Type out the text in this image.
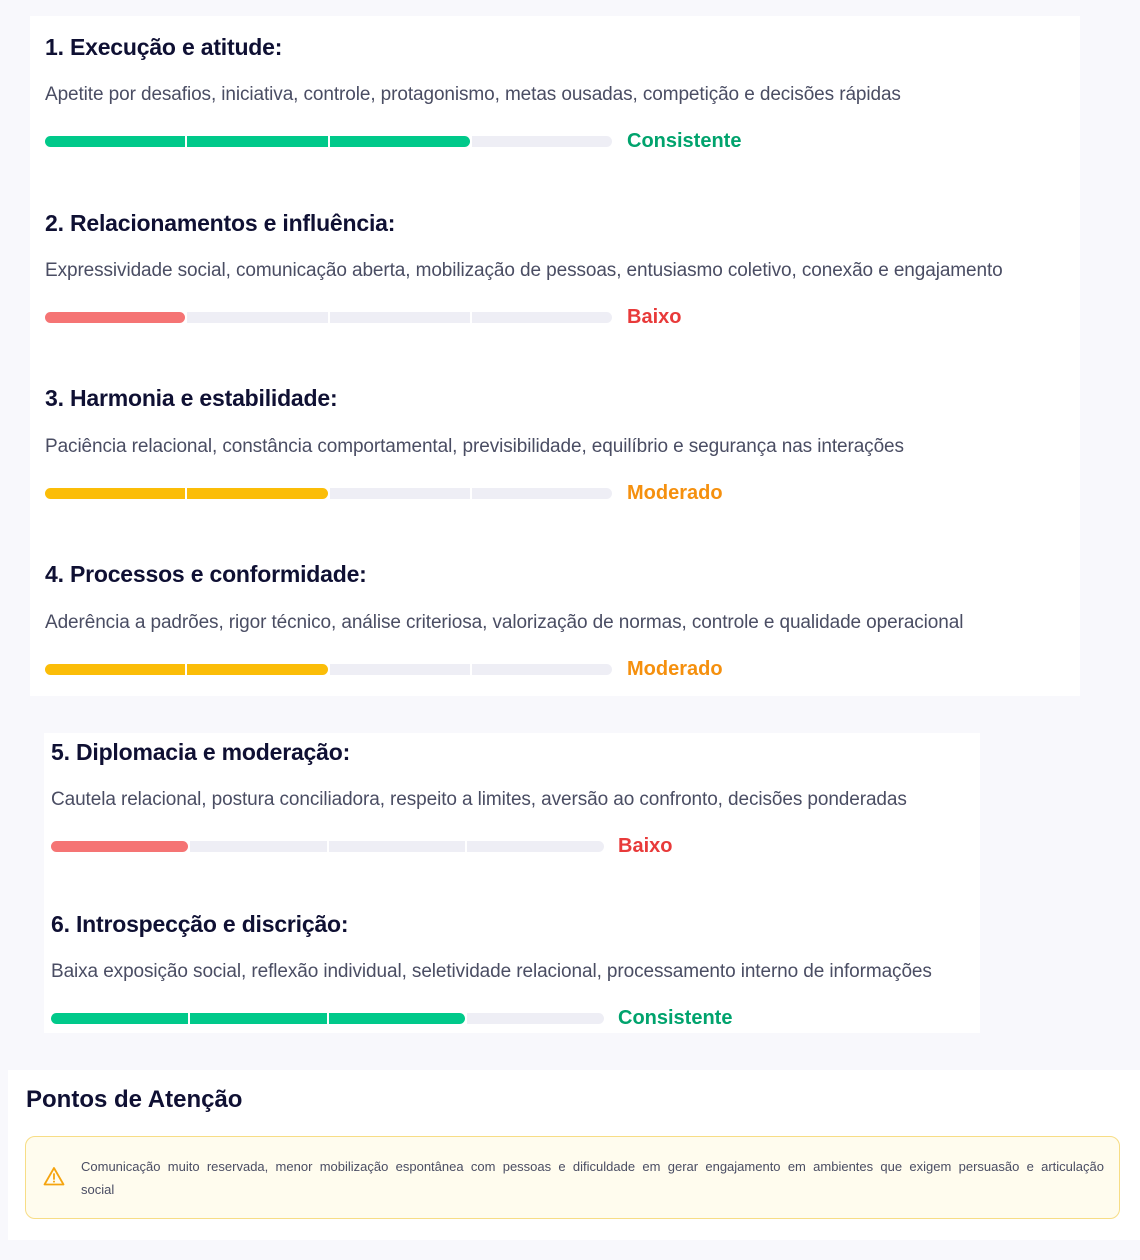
1. Execução e atitude:
Apetite por desafios, iniciativa, controle, protagonismo, metas ousadas, competição e decisões rápidas
Consistente
2. Relacionamentos e influência:
Expressividade social, comunicação aberta, mobilização de pessoas, entusiasmo coletivo, conexão e engajamento
Baixo
3. Harmonia e estabilidade:
Paciência relacional, constância comportamental, previsibilidade, equilíbrio e segurança nas interações
Moderado
4. Processos e conformidade:
Aderência a padrões, rigor técnico, análise criteriosa, valorização de normas, controle e qualidade operacional
Moderado
5. Diplomacia e moderação:
Cautela relacional, postura conciliadora, respeito a limites, aversão ao confronto, decisões ponderadas
Baixo
6. Introspecção e discrição:
Baixa exposição social, reflexão individual, seletividade relacional, processamento interno de informações
Consistente
Pontos de Atenção
Comunicação muito reservada, menor mobilização espontânea com pessoas e dificuldade em gerar engajamento em ambientes que exigem persuasão e articulação social
